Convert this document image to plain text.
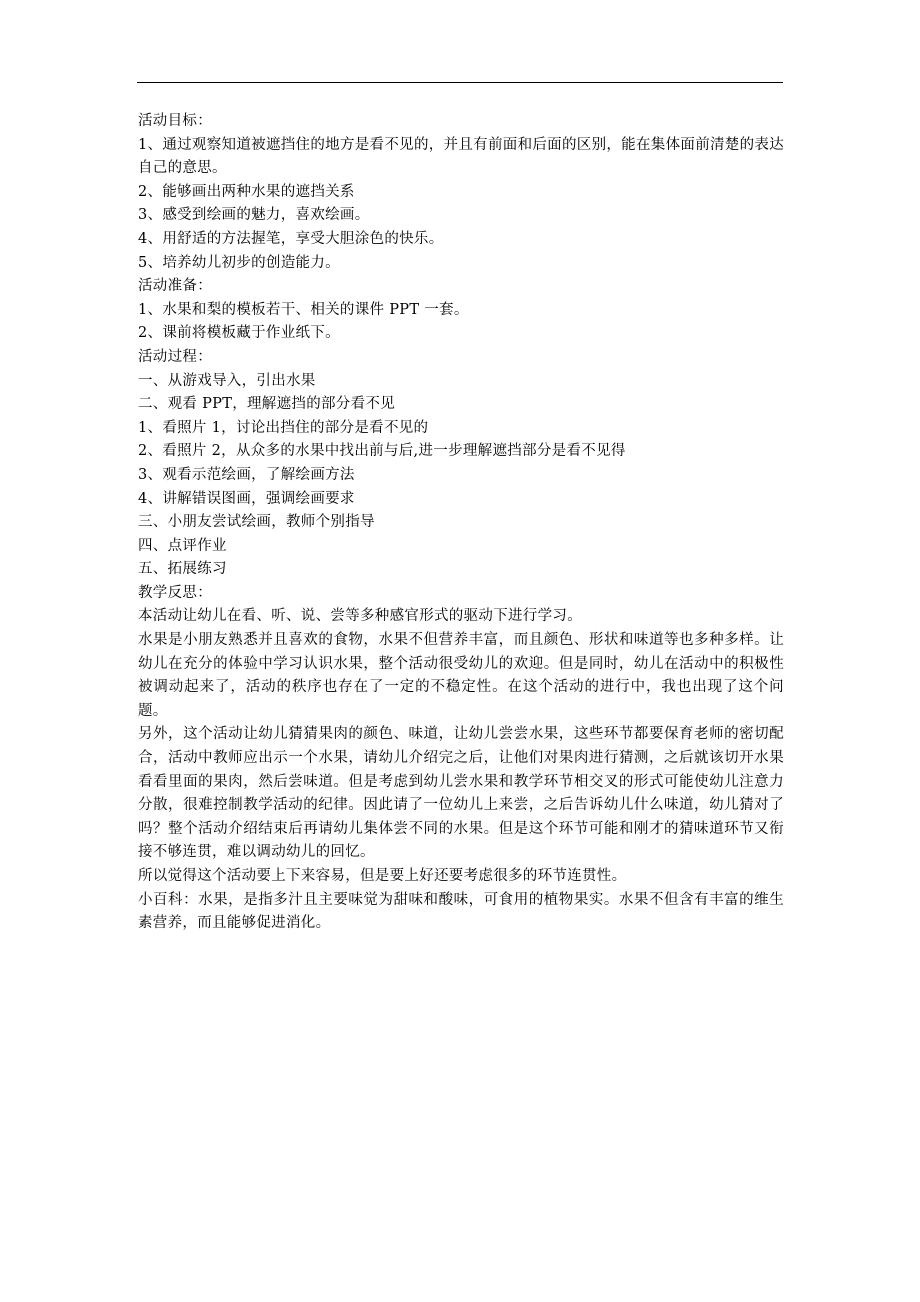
活动目标：

1、通过观察知道被遮挡住的地方是看不见的，并且有前面和后面的区别，能在集体面前清楚的表达自己的意思。

2、能够画出两种水果的遮挡关系

3、感受到绘画的魅力，喜欢绘画。

4、用舒适的方法握笔，享受大胆涂色的快乐。

5、培养幼儿初步的创造能力。

活动准备：

1、水果和梨的模板若干、相关的课件 PPT 一套。

2、课前将模板藏于作业纸下。

活动过程：

一、从游戏导入，引出水果

二、观看 PPT，理解遮挡的部分看不见

1、看照片 1，讨论出挡住的部分是看不见的

2、看照片 2，从众多的水果中找出前与后,进一步理解遮挡部分是看不见得

3、观看示范绘画，了解绘画方法

4、讲解错误图画，强调绘画要求

三、小朋友尝试绘画，教师个别指导

四、点评作业

五、拓展练习

教学反思：

本活动让幼儿在看、听、说、尝等多种感官形式的驱动下进行学习。

水果是小朋友熟悉并且喜欢的食物，水果不但营养丰富，而且颜色、形状和味道等也多种多样。让幼儿在充分的体验中学习认识水果，整个活动很受幼儿的欢迎。但是同时，幼儿在活动中的积极性被调动起来了，活动的秩序也存在了一定的不稳定性。在这个活动的进行中，我也出现了这个问题。

另外，这个活动让幼儿猜猜果肉的颜色、味道，让幼儿尝尝水果，这些环节都要保育老师的密切配合，活动中教师应出示一个水果，请幼儿介绍完之后，让他们对果肉进行猜测，之后就该切开水果看看里面的果肉，然后尝味道。但是考虑到幼儿尝水果和教学环节相交叉的形式可能使幼儿注意力分散，很难控制教学活动的纪律。因此请了一位幼儿上来尝，之后告诉幼儿什么味道，幼儿猜对了吗？整个活动介绍结束后再请幼儿集体尝不同的水果。但是这个环节可能和刚才的猜味道环节又衔接不够连贯，难以调动幼儿的回忆。

所以觉得这个活动要上下来容易，但是要上好还要考虑很多的环节连贯性。

小百科：水果，是指多汁且主要味觉为甜味和酸味，可食用的植物果实。水果不但含有丰富的维生素营养，而且能够促进消化。
